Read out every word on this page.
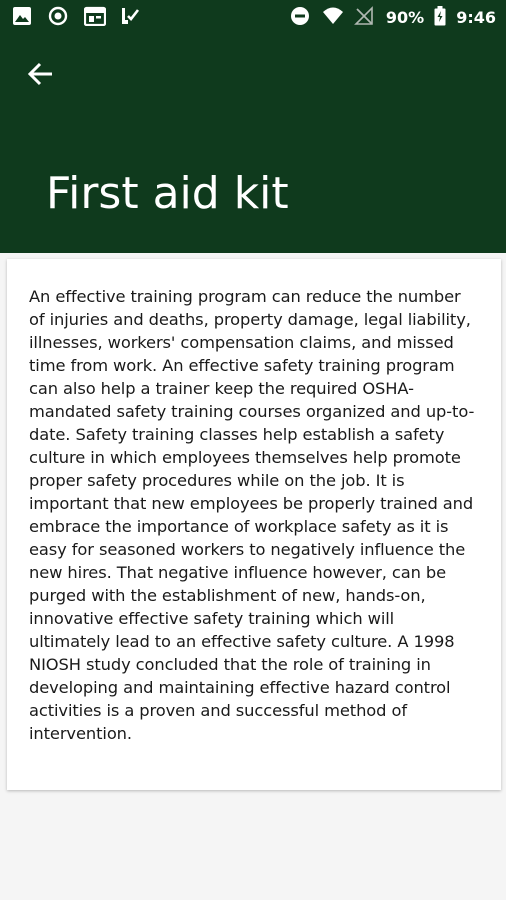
90% 9:46
First aid kit

An effective training program can reduce the number of injuries and deaths, property damage, legal liability, illnesses, workers' compensation claims, and missed time from work. An effective safety training program can also help a trainer keep the required OSHA-mandated safety training courses organized and up-to-date. Safety training classes help establish a safety culture in which employees themselves help promote proper safety procedures while on the job. It is important that new employees be properly trained and embrace the importance of workplace safety as it is easy for seasoned workers to negatively influence the new hires. That negative influence however, can be purged with the establishment of new, hands-on, innovative effective safety training which will ultimately lead to an effective safety culture. A 1998 NIOSH study concluded that the role of training in developing and maintaining effective hazard control activities is a proven and successful method of intervention.
